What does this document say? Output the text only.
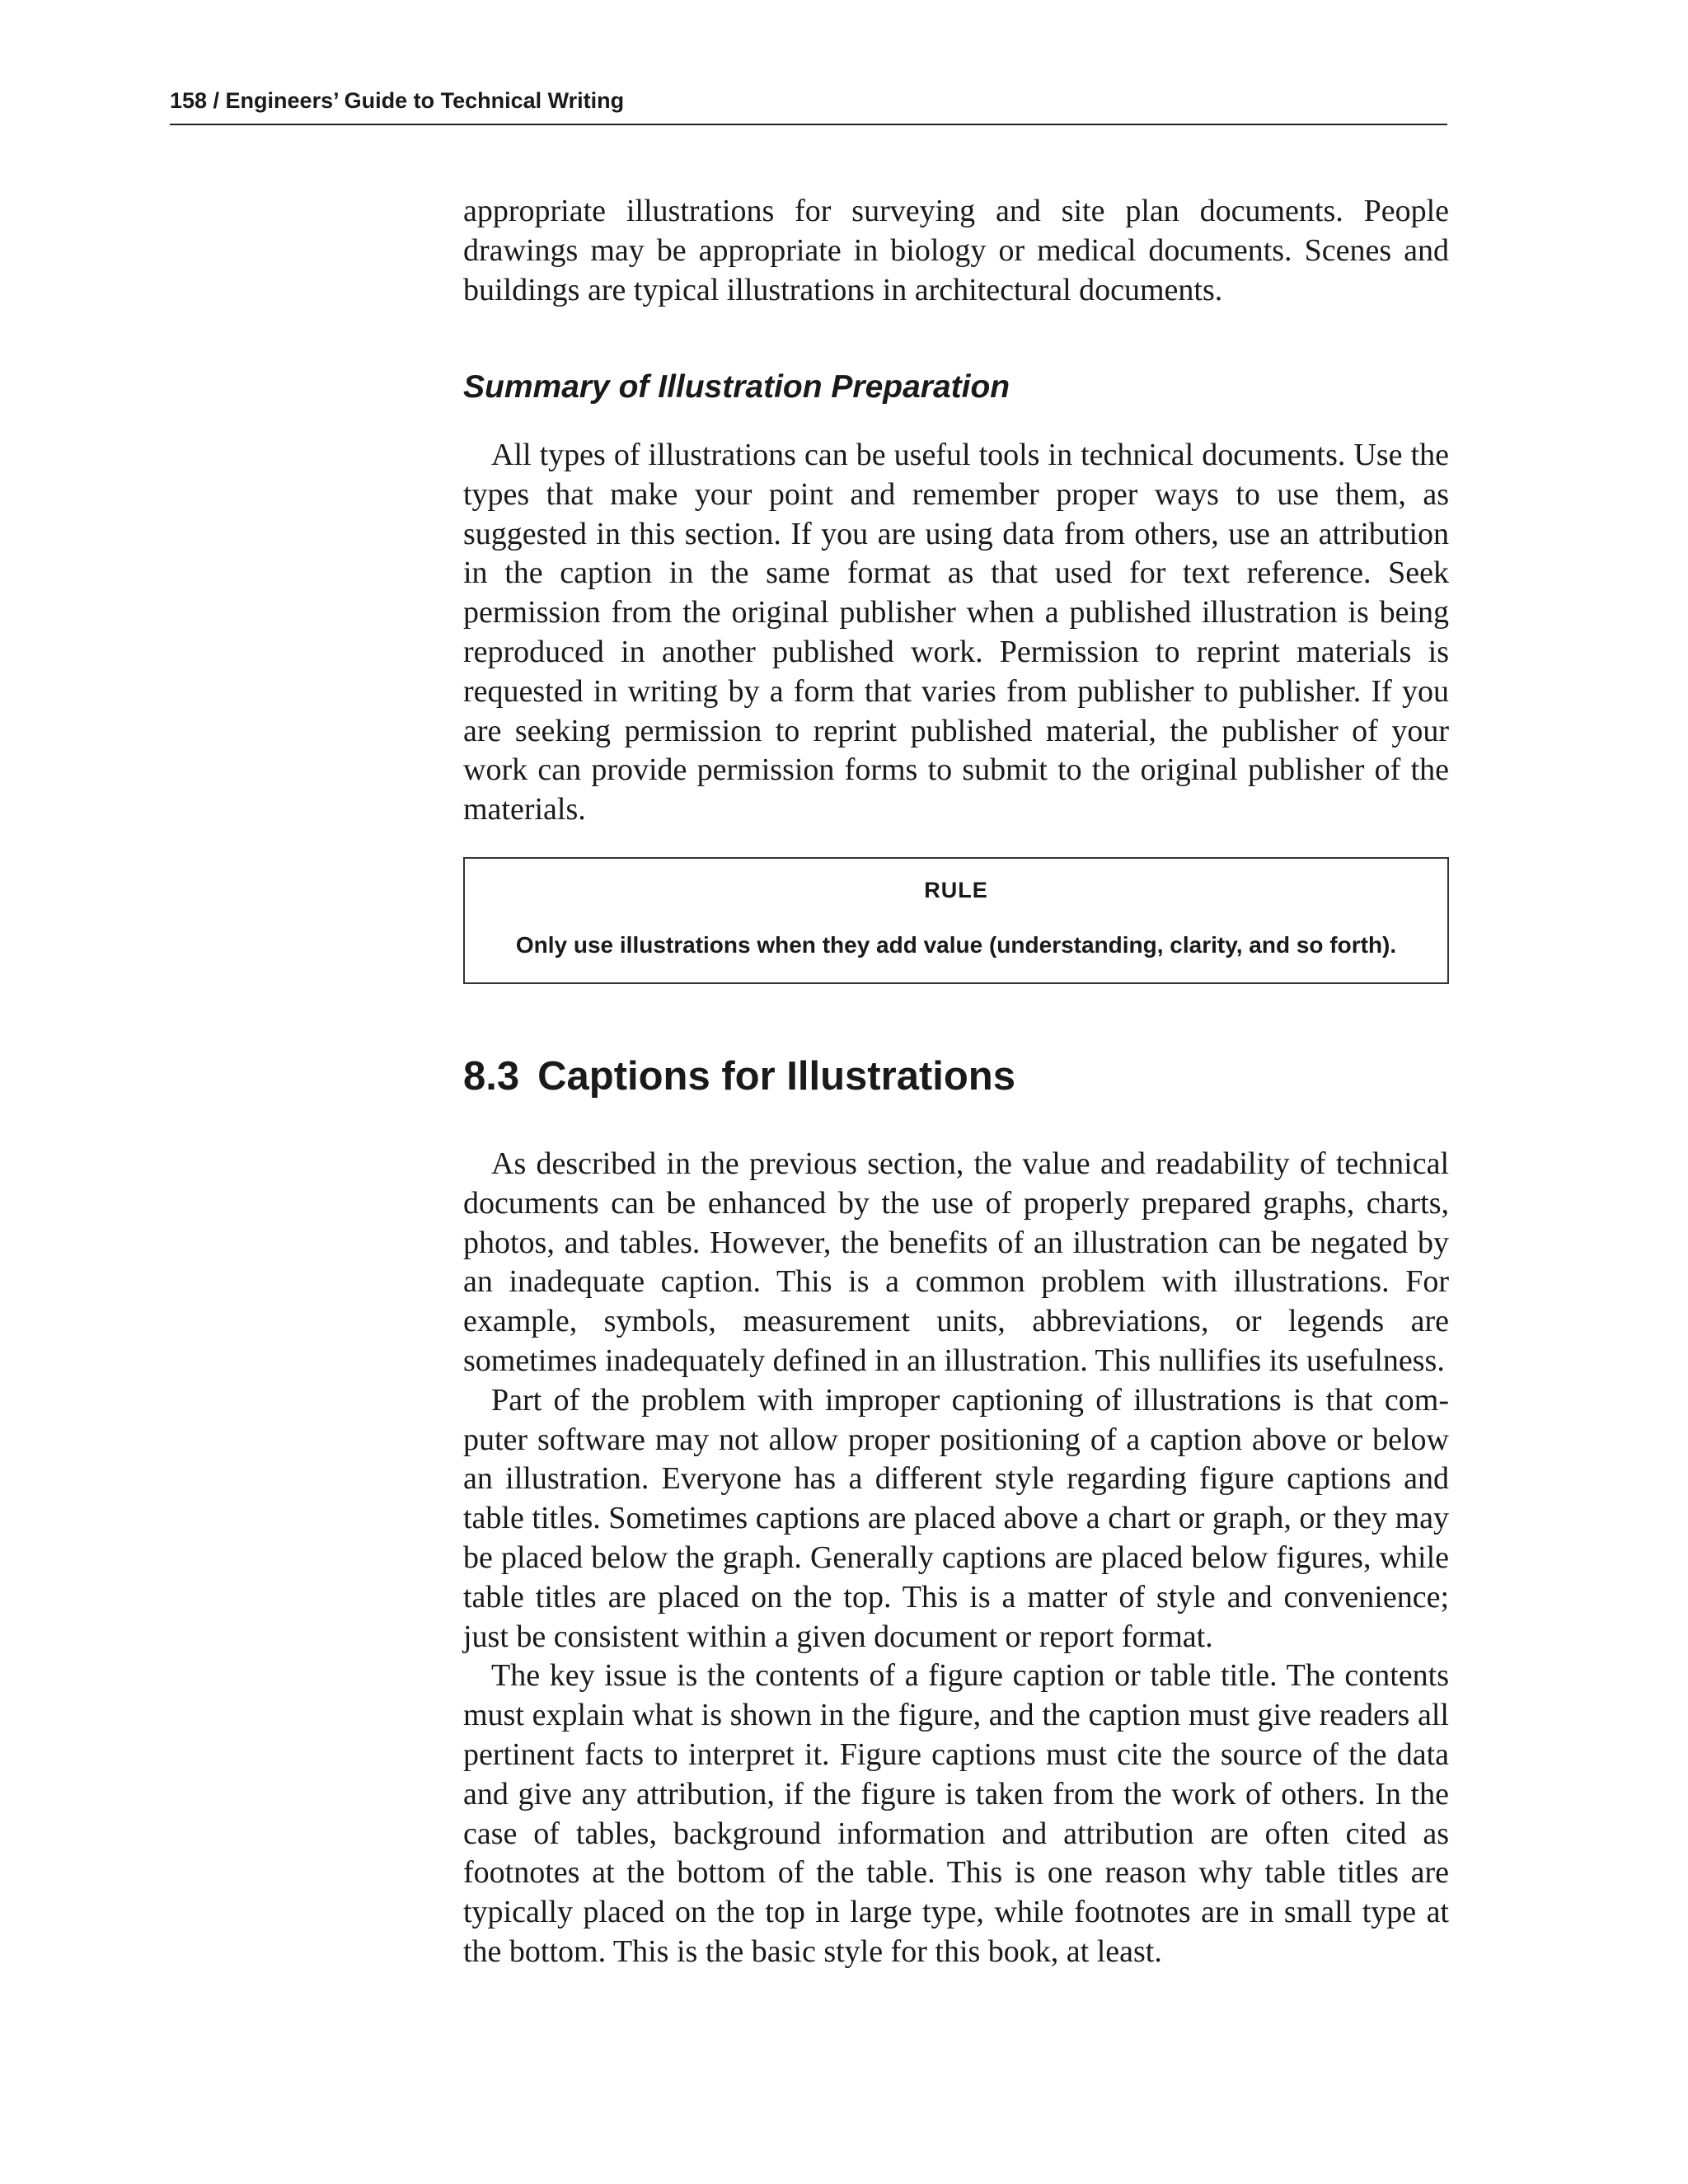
158 / Engineers’ Guide to Technical Writing

appropriate illustrations for surveying and site plan documents. People drawings may be appropriate in biology or medical documents. Scenes and buildings are typical illustrations in architectural documents.

Summary of Illustration Preparation

All types of illustrations can be useful tools in technical documents. Use the types that make your point and remember proper ways to use them, as suggested in this section. If you are using data from others, use an attribution in the caption in the same format as that used for text reference. Seek permission from the original publisher when a published illustration is being reproduced in another published work. Permission to reprint materials is requested in writing by a form that varies from publisher to publisher. If you are seeking permission to reprint published material, the publisher of your work can provide permission forms to submit to the original publisher of the materials.

RULE
Only use illustrations when they add value (understanding, clarity, and so forth).
8.3 Captions for Illustrations

As described in the previous section, the value and readability of technical documents can be enhanced by the use of properly prepared graphs, charts, photos, and tables. However, the benefits of an illustration can be negated by an inadequate caption. This is a common problem with illustrations. For example, symbols, measurement units, abbreviations, or legends are sometimes inadequately defined in an illustration. This nullifies its usefulness.

Part of the problem with improper captioning of illustrations is that computer software may not allow proper positioning of a caption above or below an illustration. Everyone has a different style regarding figure captions and table titles. Sometimes captions are placed above a chart or graph, or they may be placed below the graph. Generally captions are placed below figures, while table titles are placed on the top. This is a matter of style and convenience; just be consistent within a given document or report format.

The key issue is the contents of a figure caption or table title. The contents must explain what is shown in the figure, and the caption must give readers all pertinent facts to interpret it. Figure captions must cite the source of the data and give any attribution, if the figure is taken from the work of others. In the case of tables, background information and attribution are often cited as footnotes at the bottom of the table. This is one reason why table titles are typically placed on the top in large type, while footnotes are in small type at the bottom. This is the basic style for this book, at least.
